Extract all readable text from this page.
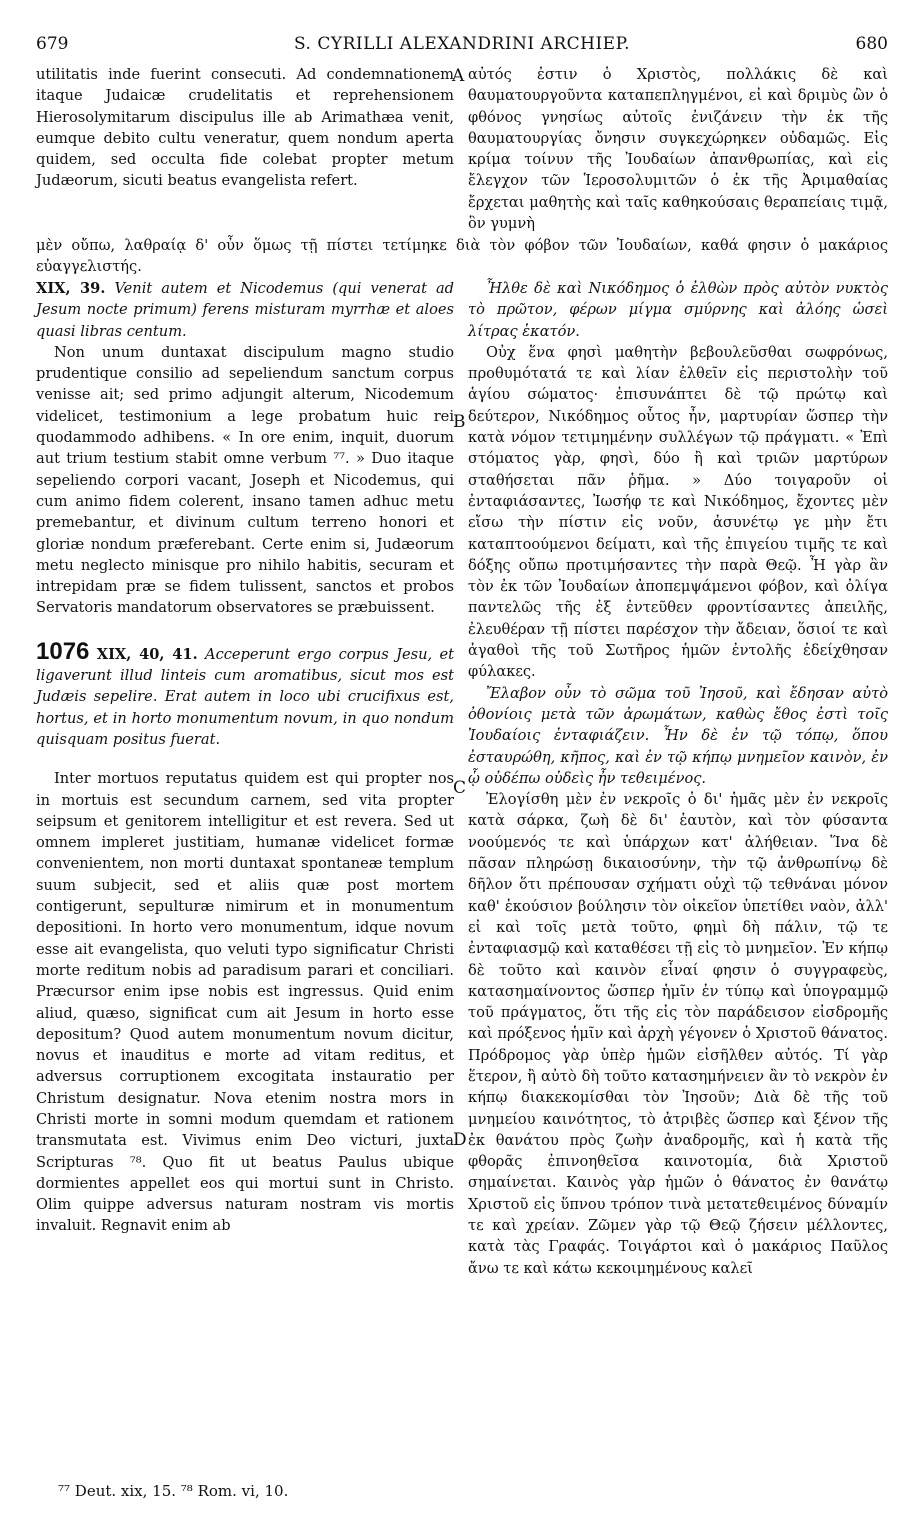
679	S. CYRILLI ALEXANDRINI ARCHIEP.	680
A
B
C
D

utilitatis inde fuerint consecuti. Ad condemnationem itaque Judaicæ crudelitatis et reprehensionem Hierosolymitarum discipulus ille ab Arimathæa venit, eumque debito cultu veneratur, quem nondum aperta quidem, sed occulta fide colebat propter metum Judæorum, sicuti beatus evangelista refert.

αὐτός ἐστιν ὁ Χριστὸς, πολλάκις δὲ καὶ θαυματουργοῦντα καταπεπληγμένοι, εἰ καὶ δριμὺς ὢν ὁ φθόνος γνησίως αὐτοῖς ἐνιζάνειν τὴν ἐκ τῆς θαυματουργίας ὄνησιν συγκεχώρηκεν οὐδαμῶς. Εἰς κρίμα τοίνυν τῆς Ἰουδαίων ἀπανθρωπίας, καὶ εἰς ἔλεγχον τῶν Ἱεροσολυμιτῶν ὁ ἐκ τῆς Ἀριμαθαίας ἔρχεται μαθητὴς καὶ ταῖς καθηκούσαις θεραπείαις τιμᾷ, ὃν γυμνὴ

μὲν οὔπω, λαθραίᾳ δ' οὖν ὅμως τῇ πίστει τετίμηκε διὰ τὸν φόβον τῶν Ἰουδαίων, καθά φησιν ὁ μακάριος εὐαγγελιστής.

XIX, 39. Venit autem et Nicodemus (qui venerat ad Jesum nocte primum) ferens misturam myrrhæ et aloes quasi libras centum.

Non unum duntaxat discipulum magno studio prudentique consilio ad sepeliendum sanctum corpus venisse ait; sed primo adjungit alterum, Nicodemum videlicet, testimonium a lege probatum huic rei quodammodo adhibens. « In ore enim, inquit, duorum aut trium testium stabit omne verbum ⁷⁷. » Duo itaque sepeliendo corpori vacant, Joseph et Nicodemus, qui cum animo fidem colerent, insano tamen adhuc metu premebantur, et divinum cultum terreno honori et gloriæ nondum præferebant. Certe enim si, Judæorum metu neglecto minisque pro nihilo habitis, securam et intrepidam præ se fidem tulissent, sanctos et probos Servatoris mandatorum observatores se præbuissent.

1076 XIX, 40, 41. Acceperunt ergo corpus Jesu, et ligaverunt illud linteis cum aromatibus, sicut mos est Judæis sepelire. Erat autem in loco ubi crucifixus est, hortus, et in horto monumentum novum, in quo nondum quisquam positus fuerat.

Inter mortuos reputatus quidem est qui propter nos in mortuis est secundum carnem, sed vita propter seipsum et genitorem intelligitur et est revera. Sed ut omnem impleret justitiam, humanæ videlicet formæ convenientem, non morti duntaxat spontaneæ templum suum subjecit, sed et aliis quæ post mortem contigerunt, sepulturæ nimirum et in monumentum depositioni. In horto vero monumentum, idque novum esse ait evangelista, quo veluti typo significatur Christi morte reditum nobis ad paradisum parari et conciliari. Præcursor enim ipse nobis est ingressus. Quid enim aliud, quæso, significat cum ait Jesum in horto esse depositum? Quod autem monumentum novum dicitur, novus et inauditus e morte ad vitam reditus, et adversus corruptionem excogitata instauratio per Christum designatur. Nova etenim nostra mors in Christi morte in somni modum quemdam et rationem transmutata est. Vivimus enim Deo victuri, juxta Scripturas ⁷⁸. Quo fit ut beatus Paulus ubique dormientes appellet eos qui mortui sunt in Christo. Olim quippe adversus naturam nostram vis mortis invaluit. Regnavit enim ab

Ἦλθε δὲ καὶ Νικόδημος ὁ ἐλθὼν πρὸς αὐτὸν νυκτὸς τὸ πρῶτον, φέρων μίγμα σμύρνης καὶ ἀλόης ὡσεὶ λίτρας ἑκατόν.

Οὐχ ἕνα φησὶ μαθητὴν βεβουλεῦσθαι σωφρόνως, προθυμότατά τε καὶ λίαν ἐλθεῖν εἰς περιστολὴν τοῦ ἁγίου σώματος· ἐπισυνάπτει δὲ τῷ πρώτῳ καὶ δεύτερον, Νικόδημος οὗτος ἦν, μαρτυρίαν ὥσπερ τὴν κατὰ νόμον τετιμημένην συλλέγων τῷ πράγματι. « Ἐπὶ στόματος γὰρ, φησὶ, δύο ἢ καὶ τριῶν μαρτύρων σταθήσεται πᾶν ῥῆμα. » Δύο τοιγαροῦν οἱ ἐνταφιάσαντες, Ἰωσήφ τε καὶ Νικόδημος, ἔχοντες μὲν εἴσω τὴν πίστιν εἰς νοῦν, ἀσυνέτῳ γε μὴν ἔτι καταπτοούμενοι δείματι, καὶ τῆς ἐπιγείου τιμῆς τε καὶ δόξης οὔπω προτιμήσαντες τὴν παρὰ Θεῷ. Ἦ γὰρ ἂν τὸν ἐκ τῶν Ἰουδαίων ἀποπεμψάμενοι φόβον, καὶ ὀλίγα παντελῶς τῆς ἐξ ἐντεῦθεν φροντίσαντες ἀπειλῆς, ἐλευθέραν τῇ πίστει παρέσχον τὴν ἄδειαν, ὅσιοί τε καὶ ἀγαθοὶ τῆς τοῦ Σωτῆρος ἡμῶν ἐντολῆς ἐδείχθησαν φύλακες.

Ἔλαβον οὖν τὸ σῶμα τοῦ Ἰησοῦ, καὶ ἔδησαν αὐτὸ ὀθονίοις μετὰ τῶν ἀρωμάτων, καθὼς ἔθος ἐστὶ τοῖς Ἰουδαίοις ἐνταφιάζειν. Ἦν δὲ ἐν τῷ τόπῳ, ὅπου ἐσταυρώθη, κῆπος, καὶ ἐν τῷ κήπῳ μνημεῖον καινὸν, ἐν ᾧ οὐδέπω οὐδεὶς ἦν τεθειμένος.

Ἐλογίσθη μὲν ἐν νεκροῖς ὁ δι' ἡμᾶς μὲν ἐν νεκροῖς κατὰ σάρκα, ζωὴ δὲ δι' ἑαυτὸν, καὶ τὸν φύσαντα νοούμενός τε καὶ ὑπάρχων κατ' ἀλήθειαν. Ἵνα δὲ πᾶσαν πληρώσῃ δικαιοσύνην, τὴν τῷ ἀνθρωπίνῳ δὲ δῆλον ὅτι πρέπουσαν σχήματι οὐχὶ τῷ τεθνάναι μόνον καθ' ἑκούσιον βούλησιν τὸν οἰκεῖον ὑπετίθει ναὸν, ἀλλ' εἰ καὶ τοῖς μετὰ τοῦτο, φημὶ δὴ πάλιν, τῷ τε ἐνταφιασμῷ καὶ καταθέσει τῇ εἰς τὸ μνημεῖον. Ἐν κήπῳ δὲ τοῦτο καὶ καινὸν εἶναί φησιν ὁ συγγραφεὺς, κατασημαίνοντος ὥσπερ ἡμῖν ἐν τύπῳ καὶ ὑπογραμμῷ τοῦ πράγματος, ὅτι τῆς εἰς τὸν παράδεισον εἰσδρομῆς καὶ πρόξενος ἡμῖν καὶ ἀρχὴ γέγονεν ὁ Χριστοῦ θάνατος. Πρόδρομος γὰρ ὑπὲρ ἡμῶν εἰσῆλθεν αὐτός. Τί γὰρ ἕτερον, ἢ αὐτὸ δὴ τοῦτο κατασημήνειεν ἂν τὸ νεκρὸν ἐν κήπῳ διακεκομίσθαι τὸν Ἰησοῦν; Διὰ δὲ τῆς τοῦ μνημείου καινότητος, τὸ ἀτριβὲς ὥσπερ καὶ ξένον τῆς ἐκ θανάτου πρὸς ζωὴν ἀναδρομῆς, καὶ ἡ κατὰ τῆς φθορᾶς ἐπινοηθεῖσα καινοτομία, διὰ Χριστοῦ σημαίνεται. Καινὸς γὰρ ἡμῶν ὁ θάνατος ἐν θανάτῳ Χριστοῦ εἰς ὕπνου τρόπον τινὰ μετατεθειμένος δύναμίν τε καὶ χρείαν. Ζῶμεν γὰρ τῷ Θεῷ ζήσειν μέλλοντες, κατὰ τὰς Γραφάς. Τοιγάρτοι καὶ ὁ μακάριος Παῦλος ἄνω τε καὶ κάτω κεκοιμημένους καλεῖ

⁷⁷ Deut. xix, 15. ⁷⁸ Rom. vi, 10.
